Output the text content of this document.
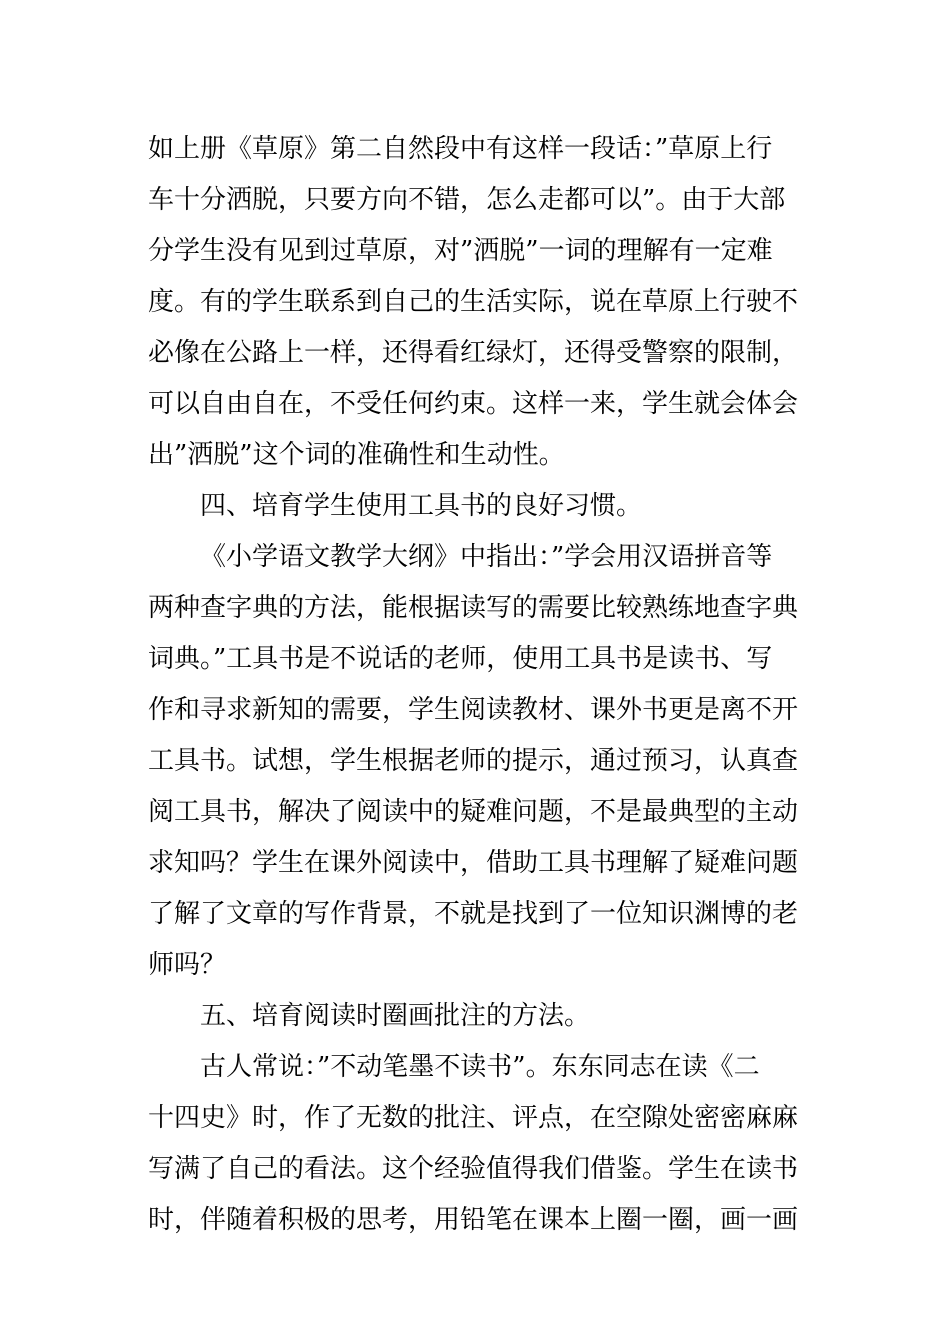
如上册《草原》第二自然段中有这样一段话：”草原上行
车十分洒脱，只要方向不错，怎么走都可以”。由于大部
分学生没有见到过草原，对”洒脱”一词的理解有一定难
度。有的学生联系到自己的生活实际，说在草原上行驶不
必像在公路上一样，还得看红绿灯，还得受警察的限制，
可以自由自在，不受任何约束。这样一来，学生就会体会
出”洒脱”这个词的准确性和生动性。
四、培育学生使用工具书的良好习惯。
《小学语文教学大纲》中指出：”学会用汉语拼音等
两种查字典的方法，能根据读写的需要比较熟练地查字典
词典。”工具书是不说话的老师，使用工具书是读书、写
作和寻求新知的需要，学生阅读教材、课外书更是离不开
工具书。试想，学生根据老师的提示，通过预习，认真查
阅工具书，解决了阅读中的疑难问题，不是最典型的主动
求知吗？学生在课外阅读中，借助工具书理解了疑难问题
了解了文章的写作背景，不就是找到了一位知识渊博的老
师吗？
五、培育阅读时圈画批注的方法。
古人常说：”不动笔墨不读书”。东东同志在读《二
十四史》时，作了无数的批注、评点，在空隙处密密麻麻
写满了自己的看法。这个经验值得我们借鉴。学生在读书
时，伴随着积极的思考，用铅笔在课本上圈一圈，画一画
